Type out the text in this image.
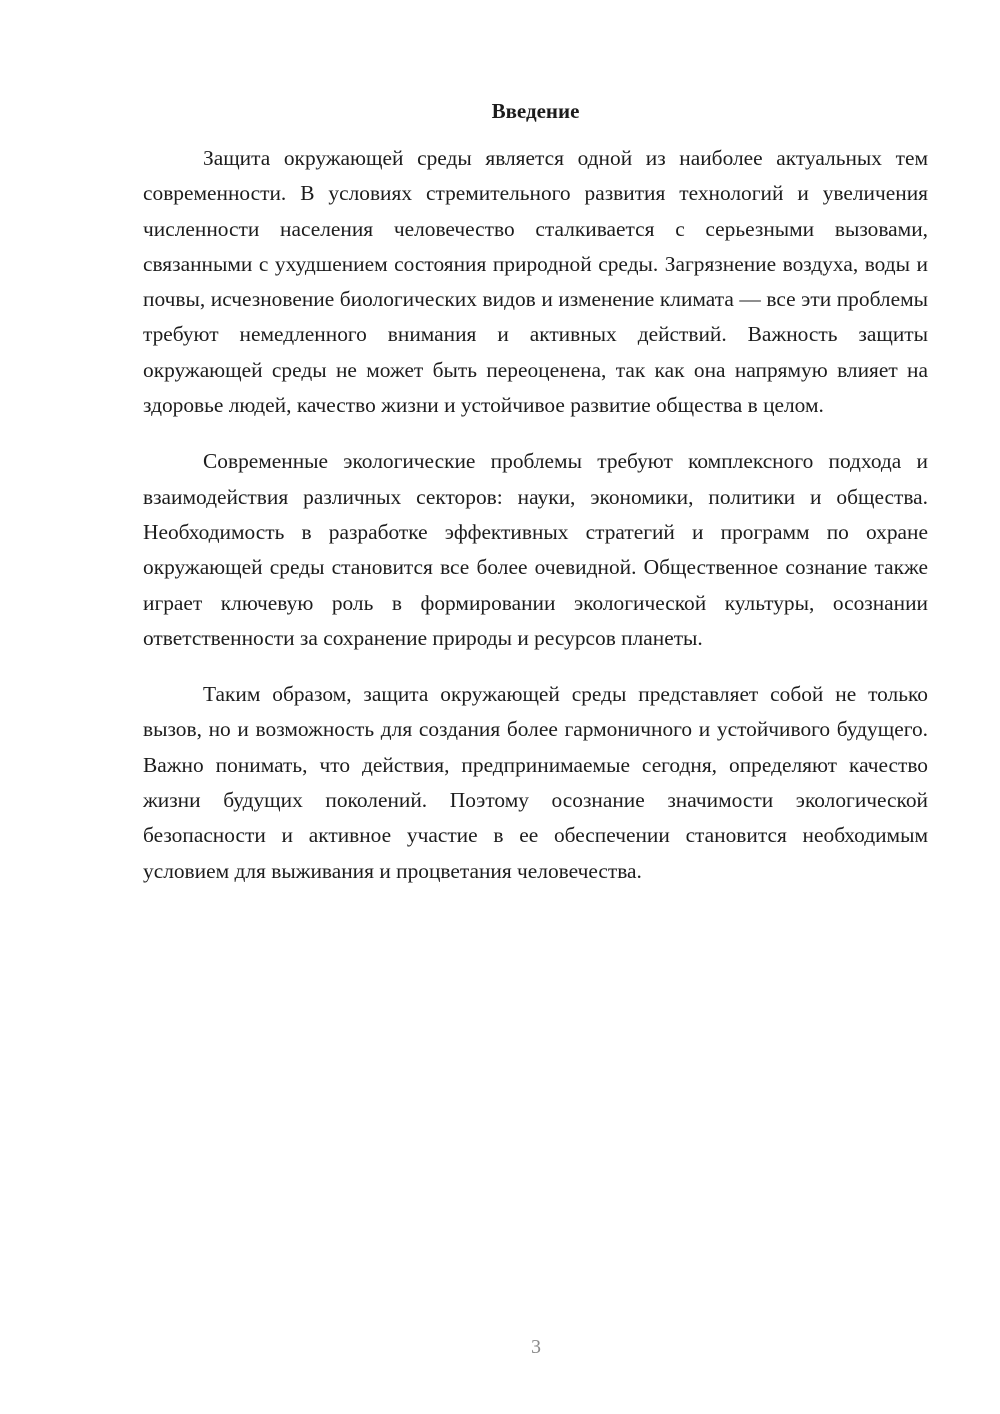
Введение

Защита окружающей среды является одной из наиболее актуальных тем современности. В условиях стремительного развития технологий и увеличения численности населения человечество сталкивается с серьезными вызовами, связанными с ухудшением состояния природной среды. Загрязнение воздуха, воды и почвы, исчезновение биологических видов и изменение климата — все эти проблемы требуют немедленного внимания и активных действий. Важность защиты окружающей среды не может быть переоценена, так как она напрямую влияет на здоровье людей, качество жизни и устойчивое развитие общества в целом.

Современные экологические проблемы требуют комплексного подхода и взаимодействия различных секторов: науки, экономики, политики и общества. Необходимость в разработке эффективных стратегий и программ по охране окружающей среды становится все более очевидной. Общественное сознание также играет ключевую роль в формировании экологической культуры, осознании ответственности за сохранение природы и ресурсов планеты.

Таким образом, защита окружающей среды представляет собой не только вызов, но и возможность для создания более гармоничного и устойчивого будущего. Важно понимать, что действия, предпринимаемые сегодня, определяют качество жизни будущих поколений. Поэтому осознание значимости экологической безопасности и активное участие в ее обеспечении становится необходимым условием для выживания и процветания человечества.

3
